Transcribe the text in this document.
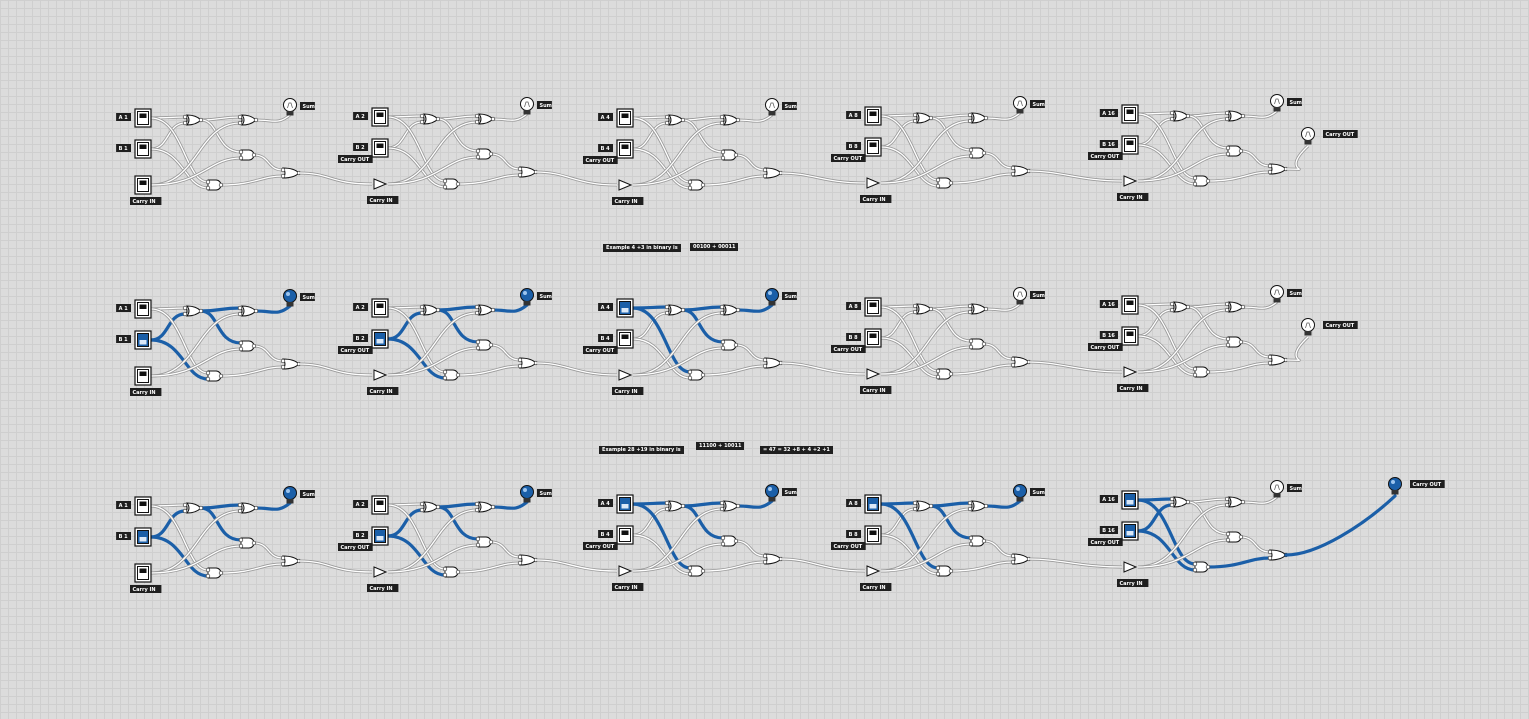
A 1
B 1
Carry IN
Sum
A 2
B 2
Carry IN
Carry OUT
Sum
A 4
B 4
Carry IN
Carry OUT
Sum
A 8
B 8
Carry IN
Carry OUT
Sum
A 16
B 16
Carry IN
Carry OUT
Sum
Carry OUT
A 1
B 1
Carry IN
Sum
A 2
B 2
Carry IN
Carry OUT
Sum
A 4
B 4
Carry IN
Carry OUT
Sum
A 8
B 8
Carry IN
Carry OUT
Sum
A 16
B 16
Carry IN
Carry OUT
Sum
Carry OUT
A 1
B 1
Carry IN
Sum
A 2
B 2
Carry IN
Carry OUT
Sum
A 4
B 4
Carry IN
Carry OUT
Sum
A 8
B 8
Carry IN
Carry OUT
Sum
A 16
B 16
Carry IN
Carry OUT
Sum
Carry OUT
Example 4 +3 in binary is	00100 + 00011
Example 28 +19 in binary is
11100 + 10011
= 47 = 32 +8 + 4 +2 +1
